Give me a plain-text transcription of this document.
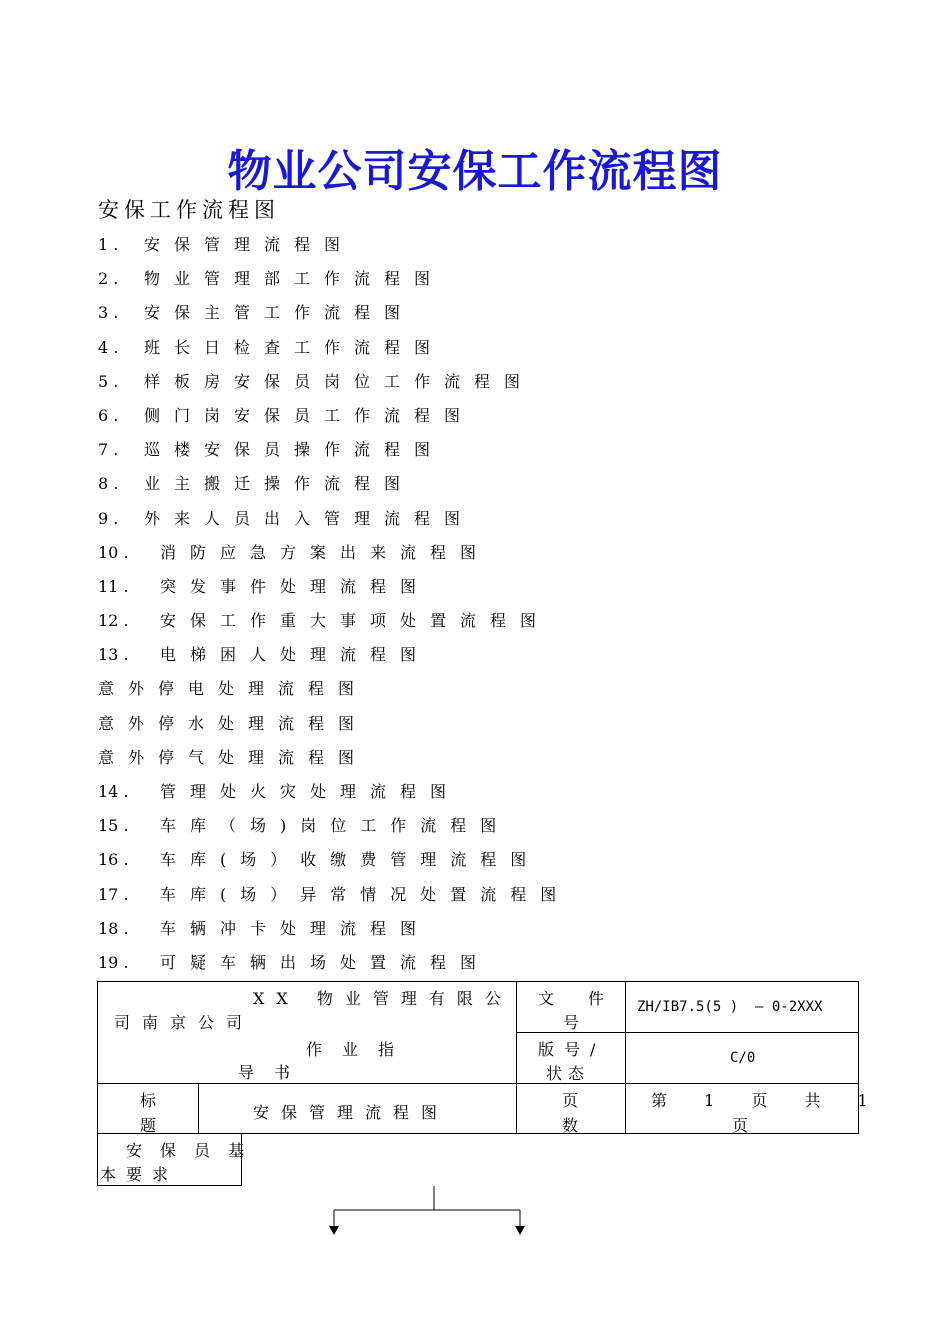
物业公司安保工作流程图
安保工作流程图
1 . 安保管理流程图
2 . 物业管理部工作流程图
3 . 安保主管工作流程图
4 . 班长日检查工作流程图
5 . 样板房安保员岗位工作流程图
6 . 侧门岗安保员工作流程图
7 . 巡楼安保员操作流程图
8 . 业主搬迁操作流程图
9 . 外来人员出入管理流程图
10 . 消防应急方案出来流程图
11 . 突发事件处理流程图
12 . 安保工作重大事项处置流程图
13 . 电梯困人处理流程图
意外停电处理流程图
意外停水处理流程图
意外停气处理流程图
14 . 管理处火灾处理流程图
15 . 车库（场)岗位工作流程图
16 . 车库(场）收缴费管理流程图
17 . 车库(场）异常情况处置流程图
18 . 车辆冲卡处理流程图
19 . 可疑车辆出场处置流程图
XX 物业管理有限公
司南京公司
作业指
导书
文件
号
ZH/IB7.5(5 )  — 0-2XXX
版号/
状态
C/0
标
题
安保管理流程图
页
数
第 1 页 共 1
页
安保员基
本要求
